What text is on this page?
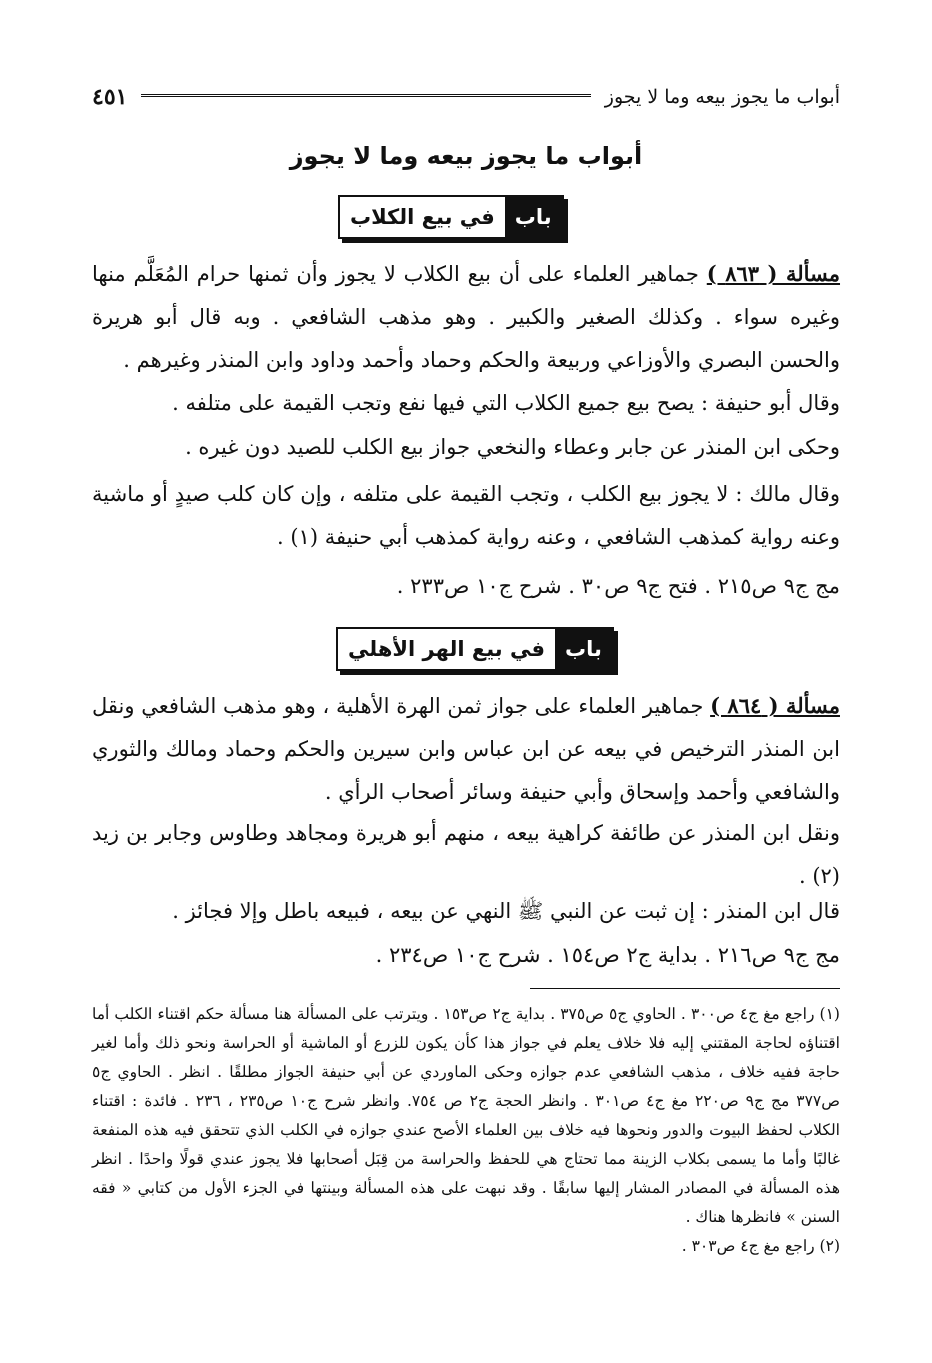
أبواب ما يجوز بيعه وما لا يجوز
٤٥١
أبواب ما يجوز بيعه وما لا يجوز
باب
في بيع الكلاب
مسألة ( ٨٦٣ ) جماهير العلماء على أن بيع الكلاب لا يجوز وأن ثمنها حرام المُعَلَّم منها وغيره سواء . وكذلك الصغير والكبير . وهو مذهب الشافعي . وبه قال أبو هريرة والحسن البصري والأوزاعي وربيعة والحكم وحماد وأحمد وداود وابن المنذر وغيرهم .
وقال أبو حنيفة : يصح بيع جميع الكلاب التي فيها نفع وتجب القيمة على متلفه .
وحكى ابن المنذر عن جابر وعطاء والنخعي جواز بيع الكلب للصيد دون غيره .
وقال مالك : لا يجوز بيع الكلب ، وتجب القيمة على متلفه ، وإن كان كلب صيدٍ أو ماشية وعنه رواية كمذهب الشافعي ، وعنه رواية كمذهب أبي حنيفة (١) .
مج ج٩ ص٢١٥ . فتح ج٩ ص٣٠ . شرح ج١٠ ص٢٣٣ .
باب
في بيع الهر الأهلي
مسألة ( ٨٦٤ ) جماهير العلماء على جواز ثمن الهرة الأهلية ، وهو مذهب الشافعي ونقل ابن المنذر الترخيص في بيعه عن ابن عباس وابن سيرين والحكم وحماد ومالك والثوري والشافعي وأحمد وإسحاق وأبي حنيفة وسائر أصحاب الرأي .
ونقل ابن المنذر عن طائفة كراهية بيعه ، منهم أبو هريرة ومجاهد وطاوس وجابر بن زيد (٢) .
قال ابن المنذر : إن ثبت عن النبي ﷺ النهي عن بيعه ، فبيعه باطل وإلا فجائز .
مج ج٩ ص٢١٦ . بداية ج٢ ص١٥٤ . شرح ج١٠ ص٢٣٤ .

(١) راجع مغ ج٤ ص٣٠٠ . الحاوي ج٥ ص٣٧٥ . بداية ج٢ ص١٥٣ . ويترتب على المسألة هنا مسألة حكم اقتناء الكلب أما اقتناؤه لحاجة المقتني إليه فلا خلاف يعلم في جواز هذا كأن يكون للزرع أو الماشية أو الحراسة ونحو ذلك وأما لغير حاجة ففيه خلاف ، مذهب الشافعي عدم جوازه وحكى الماوردي عن أبي حنيفة الجواز مطلقًا . انظر . الحاوي ج٥ ص٣٧٧ مج ج٩ ص٢٢٠ مغ ج٤ ص٣٠١ . وانظر الحجة ج٢ ص ٧٥٤. وانظر شرح ج١٠ ص٢٣٥ ، ٢٣٦ . فائدة : اقتناء الكلاب لحفظ البيوت والدور ونحوها فيه خلاف بين العلماء الأصح عندي جوازه في الكلب الذي تتحقق فيه هذه المنفعة غالبًا وأما ما يسمى بكلاب الزينة مما تحتاج هي للحفظ والحراسة من قِبَل أصحابها فلا يجوز عندي قولًا واحدًا . انظر هذه المسألة في المصادر المشار إليها سابقًا . وقد نبهت على هذه المسألة وبينتها في الجزء الأول من كتابي « فقه السنن » فانظرها هناك .

(٢) راجع مغ ج٤ ص٣٠٣ .
